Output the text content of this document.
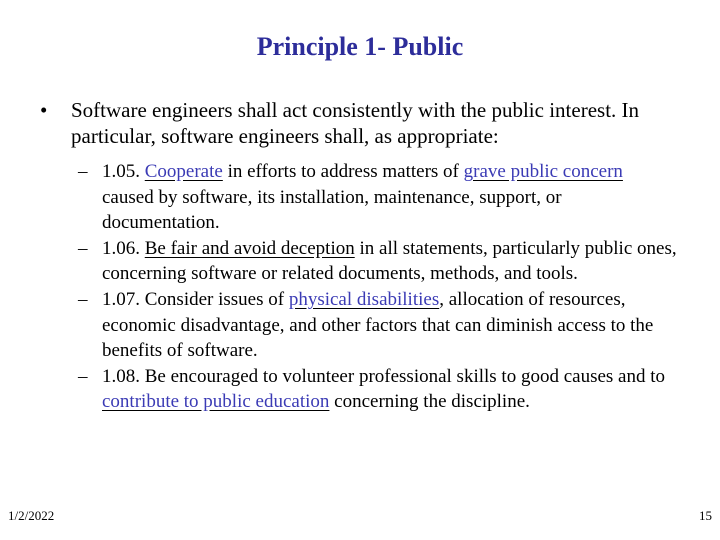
Principle 1- Public
• Software engineers shall act consistently with the public interest. In particular, software engineers shall, as appropriate:
– 1.05. Cooperate in efforts to address matters of grave public concern caused by software, its installation, maintenance, support, or documentation.
– 1.06. Be fair and avoid deception in all statements, particularly public ones, concerning software or related documents, methods, and tools.
– 1.07. Consider issues of physical disabilities, allocation of resources, economic disadvantage, and other factors that can diminish access to the benefits of software.
– 1.08. Be encouraged to volunteer professional skills to good causes and to contribute to public education concerning the discipline.
1/2/2022	15
